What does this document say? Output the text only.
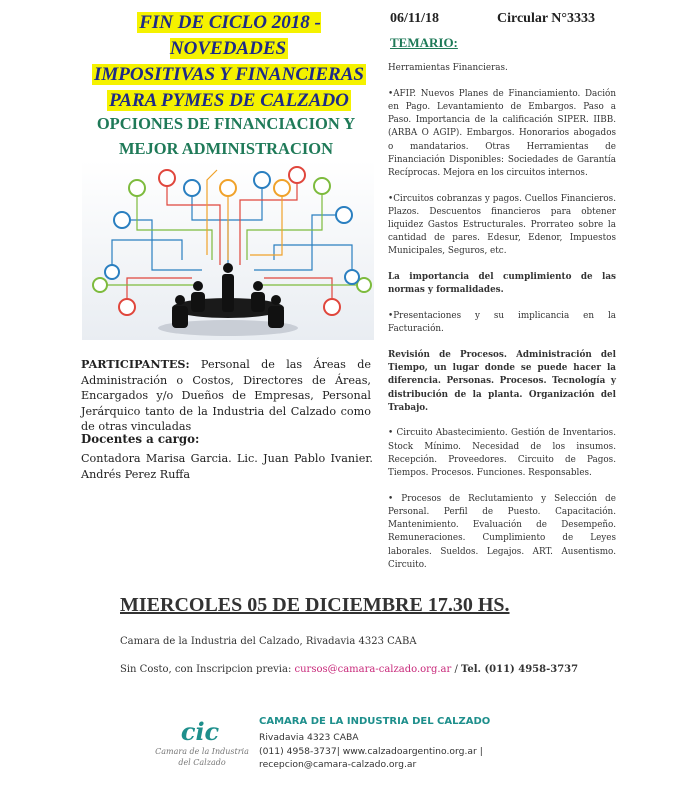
FIN DE CICLO 2018 - NOVEDADES
IMPOSITIVAS Y FINANCIERAS
PARA PYMES DE CALZADO
OPCIONES DE FINANCIACION Y
MEJOR ADMINISTRACION
PARTICIPANTES: Personal de las Áreas de Administración o Costos, Directores de Áreas, Encargados y/o Dueños de Empresas, Personal Jerárquico tanto de la Industria del Calzado como de otras vinculadas
Docentes a cargo:
Contadora Marisa Garcia. Lic. Juan Pablo Ivanier. Andrés Perez Ruffa
06/11/18	Circular N°3333
TEMARIO:

Herramientas Financieras.

•AFIP. Nuevos Planes de Financiamiento. Dación en Pago. Levantamiento de Embargos. Paso a Paso. Importancia de la calificación SIPER. IIBB. (ARBA O AGIP). Embargos. Honorarios abogados o mandatarios. Otras Herramientas de Financiación Disponibles: Sociedades de Garantía Recíprocas. Mejora en los circuitos internos.

•Circuitos cobranzas y pagos. Cuellos Financieros. Plazos. Descuentos financieros para obtener liquidez Gastos Estructurales. Prorrateo sobre la cantidad de pares. Edesur, Edenor, Impuestos Municipales, Seguros, etc.

La importancia del cumplimiento de las normas y formalidades.

•Presentaciones y su implicancia en la Facturación.

Revisión de Procesos. Administración del Tiempo, un lugar donde se puede hacer la diferencia. Personas. Procesos. Tecnología y distribución de la planta. Organización del Trabajo.

• Circuito Abastecimiento. Gestión de Inventarios. Stock Mínimo. Necesidad de los insumos. Recepción. Proveedores. Circuito de Pagos. Tiempos. Procesos. Funciones. Responsables.

• Procesos de Reclutamiento y Selección de Personal. Perfil de Puesto. Capacitación. Mantenimiento. Evaluación de Desempeño. Remuneraciones. Cumplimiento de Leyes laborales. Sueldos. Legajos. ART. Ausentismo. Circuito.

MIERCOLES 05 DE DICIEMBRE 17.30 HS.
Camara de la Industria del Calzado, Rivadavia 4323 CABA
Sin Costo, con Inscripcion previa: cursos@camara-calzado.org.ar / Tel. (011) 4958-3737
cic
Camara de la Industria
del Calzado
CAMARA DE LA INDUSTRIA DEL CALZADO
Rivadavia 4323 CABA
(011) 4958-3737| www.calzadoargentino.org.ar |
recepcion@camara-calzado.org.ar
